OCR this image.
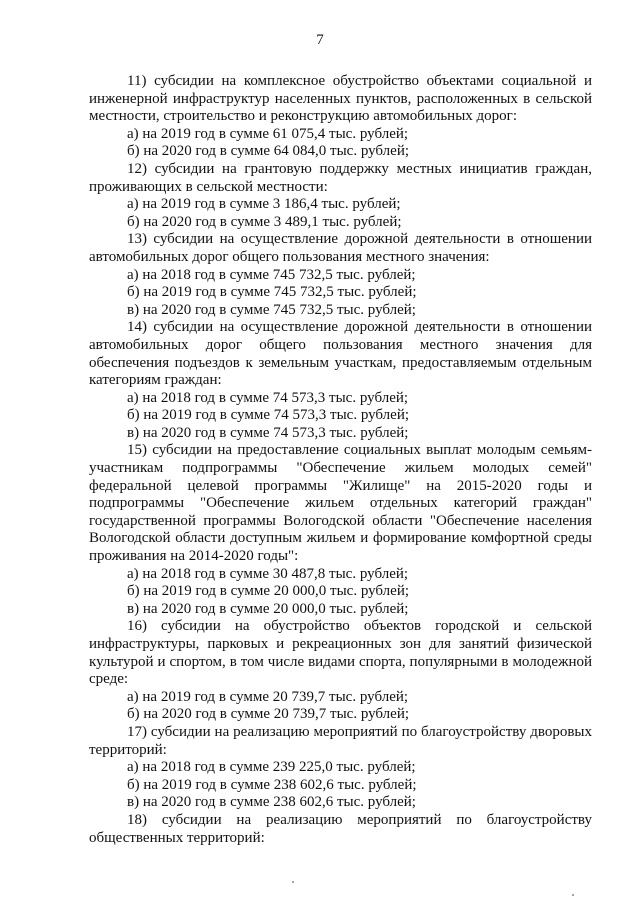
7

11) субсидии на комплексное обустройство объектами социальной и инженерной инфраструктур населенных пунктов, расположенных в сельской местности, строительство и реконструкцию автомобильных дорог:

а) на 2019 год в сумме 61 075,4 тыс. рублей;

б) на 2020 год в сумме 64 084,0 тыс. рублей;

12) субсидии на грантовую поддержку местных инициатив граждан, проживающих в сельской местности:

а) на 2019 год в сумме 3 186,4 тыс. рублей;

б) на 2020 год в сумме 3 489,1 тыс. рублей;

13) субсидии на осуществление дорожной деятельности в отношении автомобильных дорог общего пользования местного значения:

а) на 2018 год в сумме 745 732,5 тыс. рублей;

б) на 2019 год в сумме 745 732,5 тыс. рублей;

в) на 2020 год в сумме 745 732,5 тыс. рублей;

14) субсидии на осуществление дорожной деятельности в отношении автомобильных дорог общего пользования местного значения для обеспечения подъездов к земельным участкам, предоставляемым отдельным категориям граждан:

а) на 2018 год в сумме 74 573,3 тыс. рублей;

б) на 2019 год в сумме 74 573,3 тыс. рублей;

в) на 2020 год в сумме 74 573,3 тыс. рублей;

15) субсидии на предоставление социальных выплат молодым семьям-участникам подпрограммы "Обеспечение жильем молодых семей" федеральной целевой программы "Жилище" на 2015-2020 годы и подпрограммы "Обеспечение жильем отдельных категорий граждан" государственной программы Вологодской области "Обеспечение населения Вологодской области доступным жильем и формирование комфортной среды проживания на 2014-2020 годы":

а) на 2018 год в сумме 30 487,8 тыс. рублей;

б) на 2019 год в сумме 20 000,0 тыс. рублей;

в) на 2020 год в сумме 20 000,0 тыс. рублей;

16) субсидии на обустройство объектов городской и сельской инфраструктуры, парковых и рекреационных зон для занятий физической культурой и спортом, в том числе видами спорта, популярными в молодежной среде:

а) на 2019 год в сумме 20 739,7 тыс. рублей;

б) на 2020 год в сумме 20 739,7 тыс. рублей;

17) субсидии на реализацию мероприятий по благоустройству дворовых территорий:

а) на 2018 год в сумме 239 225,0 тыс. рублей;

б) на 2019 год в сумме 238 602,6 тыс. рублей;

в) на 2020 год в сумме 238 602,6 тыс. рублей;

18) субсидии на реализацию мероприятий по благоустройству общественных территорий:
